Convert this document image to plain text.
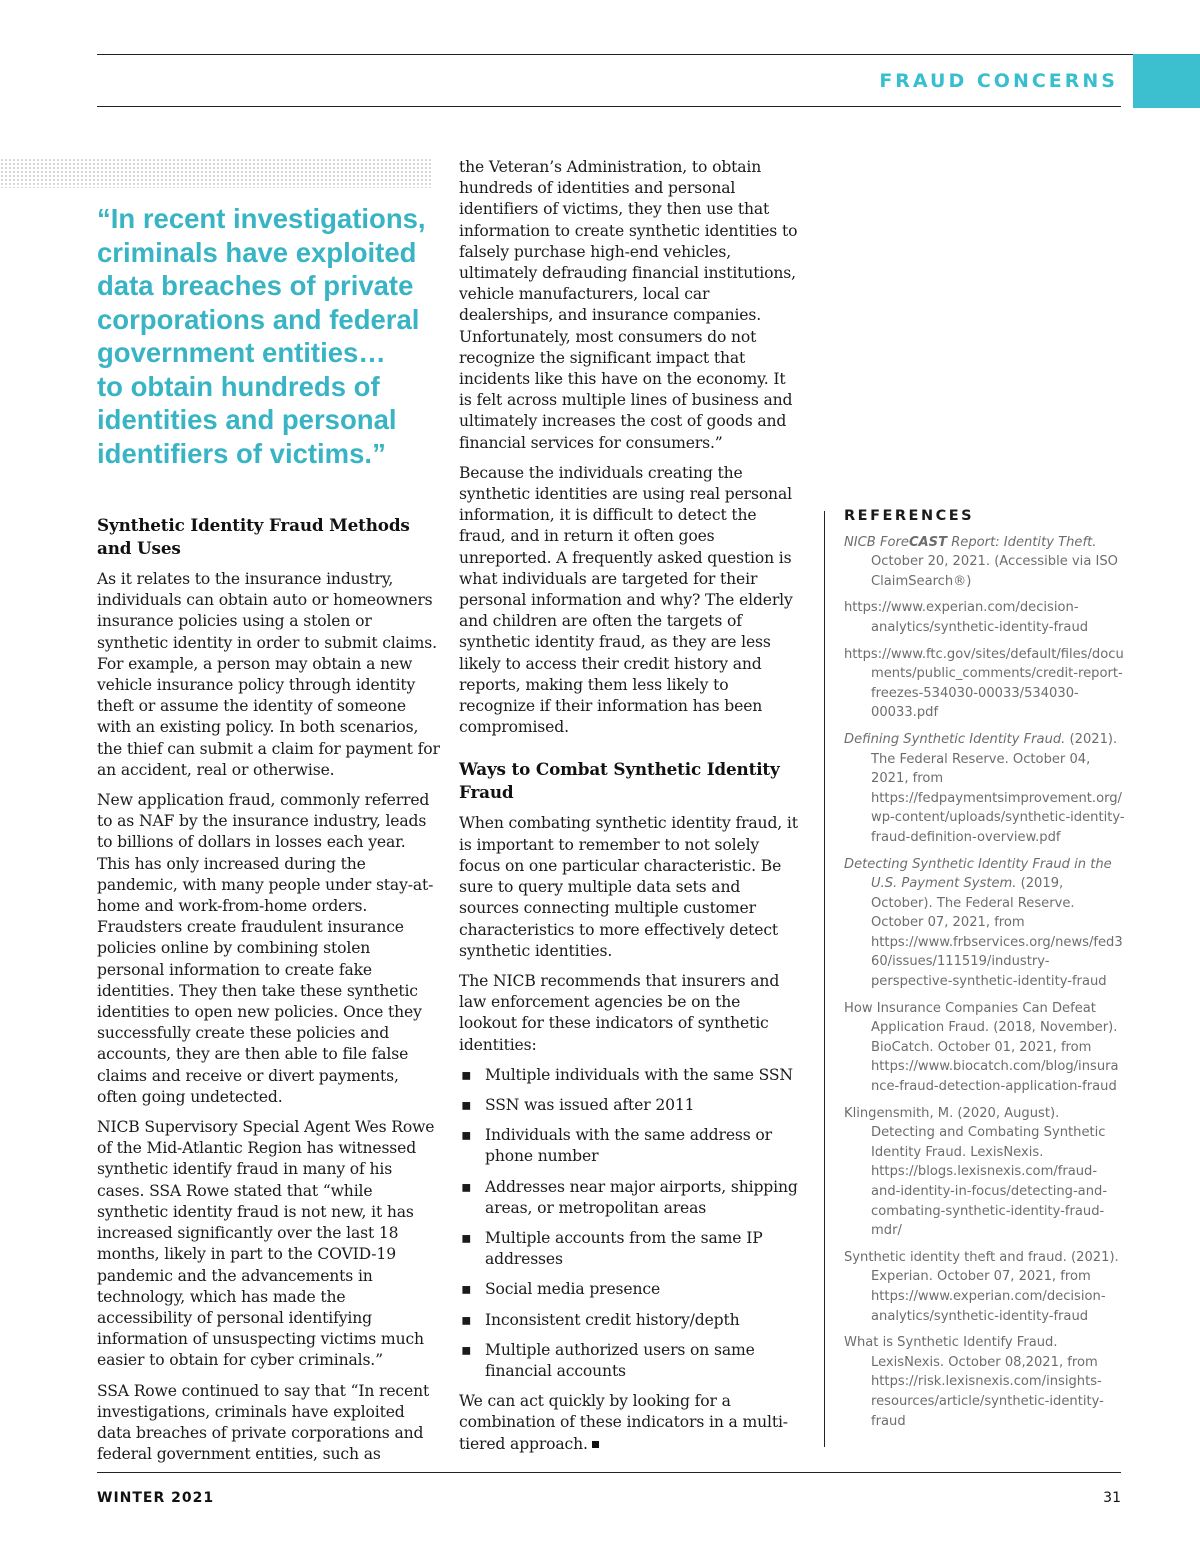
FRAUD CONCERNS

“In recent investigations,

criminals have exploited

data breaches of private

corporations and federal

government entities…

to obtain hundreds of

identities and personal

identifiers of victims.”

Synthetic Identity Fraud Methods and Uses

As it relates to the insurance industry, individuals can obtain auto or homeowners insurance policies using a stolen or synthetic identity in order to submit claims. For example, a person may obtain a new vehicle insurance policy through identity theft or assume the identity of someone with an existing policy. In both scenarios, the thief can submit a claim for payment for an accident, real or otherwise.

New application fraud, commonly referred to as NAF by the insurance industry, leads to billions of dollars in losses each year. This has only increased during the pandemic, with many people under stay-at-home and work-from-home orders. Fraudsters create fraudulent insurance policies online by combining stolen personal information to create fake identities. They then take these synthetic identities to open new policies. Once they successfully create these policies and accounts, they are then able to file false claims and receive or divert payments, often going undetected.

NICB Supervisory Special Agent Wes Rowe of the Mid-Atlantic Region has witnessed synthetic identify fraud in many of his cases. SSA Rowe stated that “while synthetic identity fraud is not new, it has increased significantly over the last 18 months, likely in part to the COVID-19 pandemic and the advancements in technology, which has made the accessibility of personal identifying information of unsuspecting victims much easier to obtain for cyber criminals.”

SSA Rowe continued to say that “In recent investigations, criminals have exploited data breaches of private corporations and federal government entities, such as

the Veteran’s Administration, to obtain hundreds of identities and personal identifiers of victims, they then use that information to create synthetic identities to falsely purchase high-end vehicles, ultimately defrauding financial institutions, vehicle manufacturers, local car dealerships, and insurance companies. Unfortunately, most consumers do not recognize the significant impact that incidents like this have on the economy. It is felt across multiple lines of business and ultimately increases the cost of goods and financial services for consumers.”

Because the individuals creating the synthetic identities are using real personal information, it is difficult to detect the fraud, and in return it often goes unreported. A frequently asked question is what individuals are targeted for their personal information and why? The elderly and children are often the targets of synthetic identity fraud, as they are less likely to access their credit history and reports, making them less likely to recognize if their information has been compromised.

Ways to Combat Synthetic Identity Fraud

When combating synthetic identity fraud, it is important to remember to not solely focus on one particular characteristic. Be sure to query multiple data sets and sources connecting multiple customer characteristics to more effectively detect synthetic identities.

The NICB recommends that insurers and law enforcement agencies be on the lookout for these indicators of synthetic identities:

▪ Multiple individuals with the same SSN
▪ SSN was issued after 2011
▪ Individuals with the same address or phone number
▪ Addresses near major airports, shipping areas, or metropolitan areas
▪ Multiple accounts from the same IP addresses
▪ Social media presence
▪ Inconsistent credit history/depth
▪ Multiple authorized users on same financial accounts

We can act quickly by looking for a combination of these indicators in a multi-tiered approach.

REFERENCES
NICB ForeCAST Report: Identity Theft. October 20, 2021. (Accessible via ISO ClaimSearch®)
https://www.experian.com/decision-analytics/synthetic-identity-fraud
https://www.ftc.gov/sites/default/files/documents/public_comments/credit-report-freezes-534030-00033/534030-00033.pdf
Defining Synthetic Identity Fraud. (2021). The Federal Reserve. October 04, 2021, from https://fedpaymentsimprovement.org/wp-content/uploads/synthetic-identity-fraud-definition-overview.pdf
Detecting Synthetic Identity Fraud in the U.S. Payment System. (2019, October). The Federal Reserve. October 07, 2021, from https://www.frbservices.org/news/fed360/issues/111519/industry-perspective-synthetic-identity-fraud
How Insurance Companies Can Defeat Application Fraud. (2018, November). BioCatch. October 01, 2021, from https://www.biocatch.com/blog/insurance-fraud-detection-application-fraud
Klingensmith, M. (2020, August). Detecting and Combating Synthetic Identity Fraud. LexisNexis. https://blogs.lexisnexis.com/fraud-and-identity-in-focus/detecting-and-combating-synthetic-identity-fraud-mdr/
Synthetic identity theft and fraud. (2021). Experian. October 07, 2021, from https://www.experian.com/decision-analytics/synthetic-identity-fraud
What is Synthetic Identify Fraud. LexisNexis. October 08,2021, from https://risk.lexisnexis.com/insights-resources/article/synthetic-identity-fraud
WINTER 2021	31
